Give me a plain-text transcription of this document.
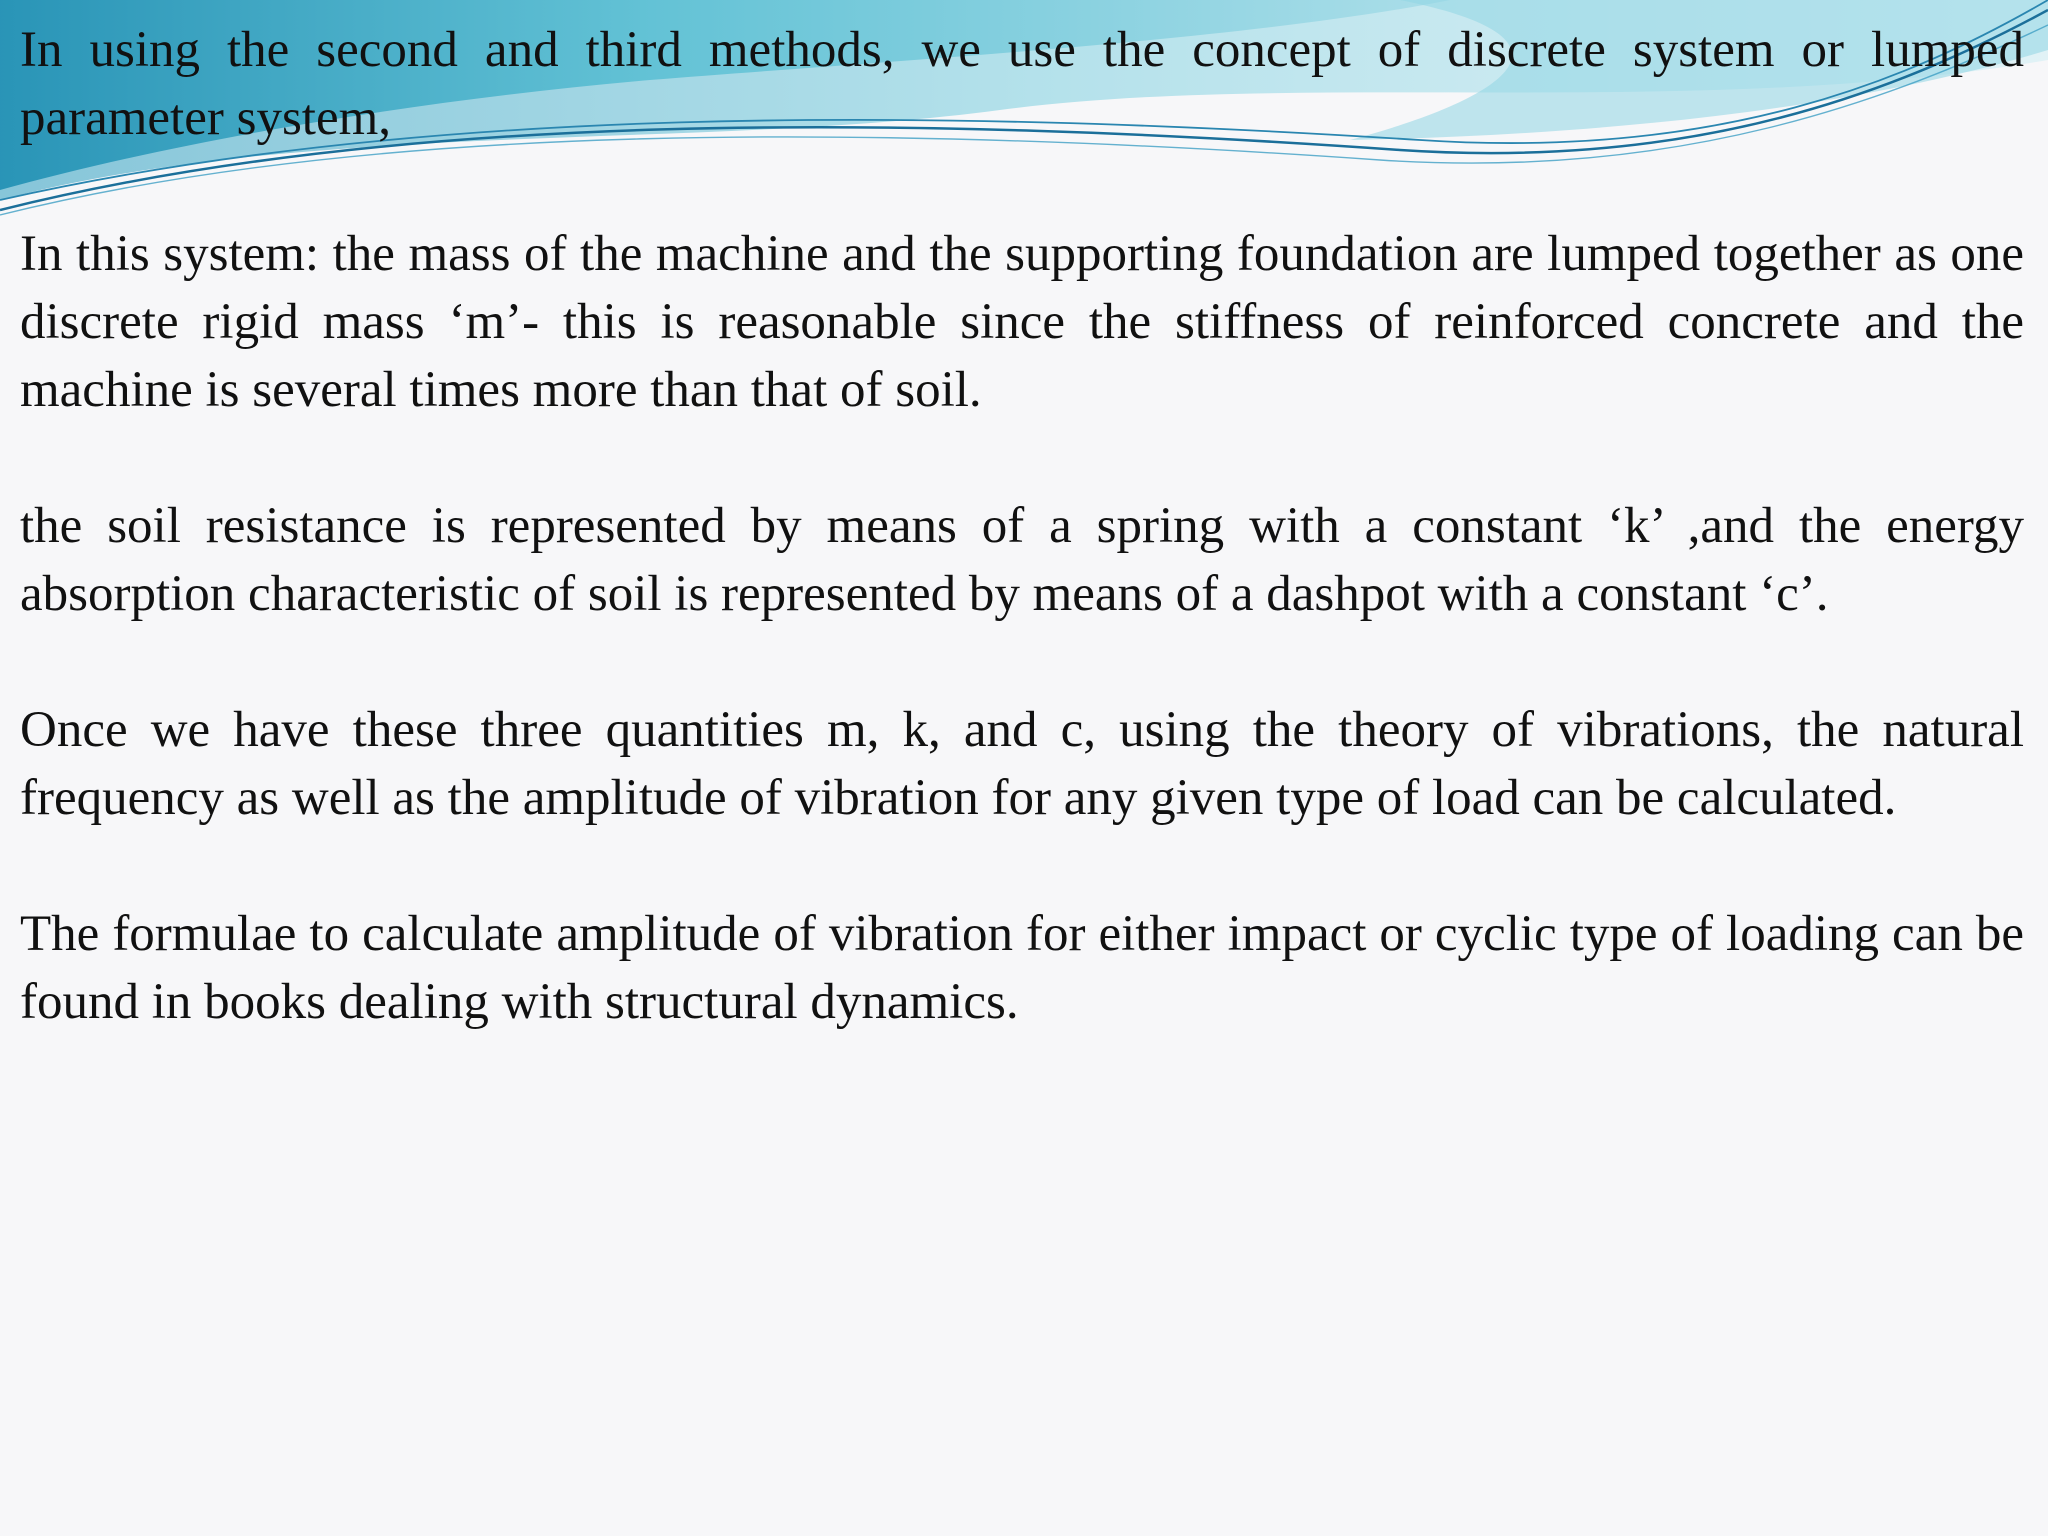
In using the second and third methods, we use the concept of discrete system or lumped parameter system,

In this system: the mass of the machine and the supporting foundation are lumped together as one discrete rigid mass ‘m’- this is reasonable since the stiffness of reinforced concrete and the machine is several times more than that of soil.

the soil resistance is represented by means of a spring with a constant ‘k’ ,and the energy absorption characteristic of soil is represented by means of a dashpot with a constant ‘c’.

Once we have these three quantities m, k, and c, using the theory of vibrations, the natural frequency as well as the amplitude of vibration for any given type of load can be calculated.

The formulae to calculate amplitude of vibration for either impact or cyclic type of loading can be found in books dealing with structural dynamics.
